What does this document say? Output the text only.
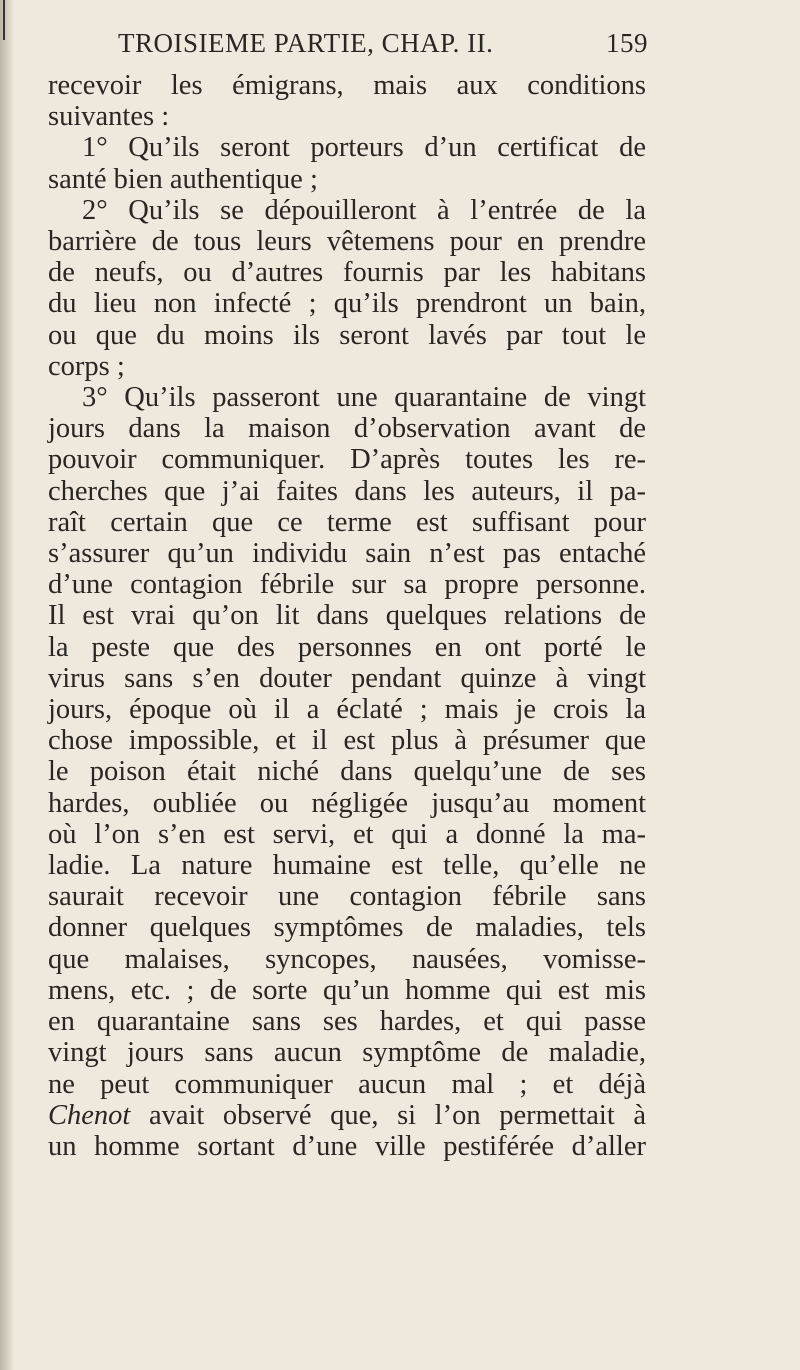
TROISIEME PARTIE, CHAP. II.	159
recevoir les émigrans, mais aux conditions
suivantes :
1° Qu’ils seront porteurs d’un certificat de
santé bien authentique ;
2° Qu’ils se dépouilleront à l’entrée de la
barrière de tous leurs vêtemens pour en prendre
de neufs, ou d’autres fournis par les habitans
du lieu non infecté ; qu’ils prendront un bain,
ou que du moins ils seront lavés par tout le
corps ;
3° Qu’ils passeront une quarantaine de vingt
jours dans la maison d’observation avant de
pouvoir communiquer. D’après toutes les re-
cherches que j’ai faites dans les auteurs, il pa-
raît certain que ce terme est suffisant pour
s’assurer qu’un individu sain n’est pas entaché
d’une contagion fébrile sur sa propre personne.
Il est vrai qu’on lit dans quelques relations de
la peste que des personnes en ont porté le
virus sans s’en douter pendant quinze à vingt
jours, époque où il a éclaté ; mais je crois la
chose impossible, et il est plus à présumer que
le poison était niché dans quelqu’une de ses
hardes, oubliée ou négligée jusqu’au moment
où l’on s’en est servi, et qui a donné la ma-
ladie. La nature humaine est telle, qu’elle ne
saurait recevoir une contagion fébrile sans
donner quelques symptômes de maladies, tels
que malaises, syncopes, nausées, vomisse-
mens, etc. ; de sorte qu’un homme qui est mis
en quarantaine sans ses hardes, et qui passe
vingt jours sans aucun symptôme de maladie,
ne peut communiquer aucun mal ; et déjà
Chenot avait observé que, si l’on permettait à
un homme sortant d’une ville pestiférée d’aller
